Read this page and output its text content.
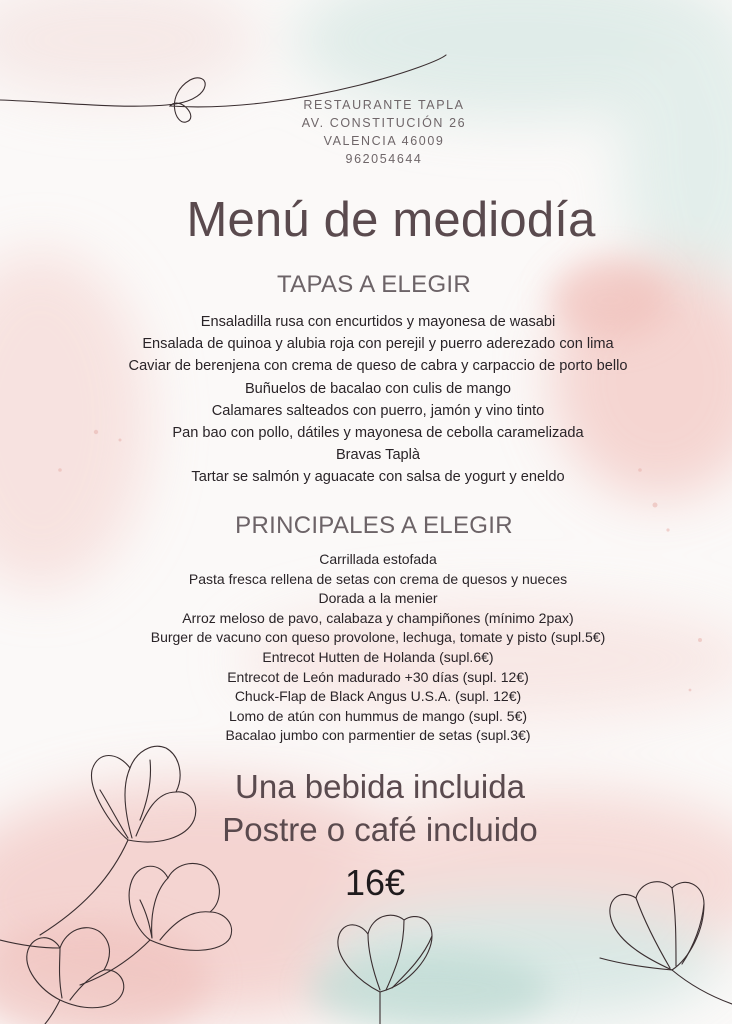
RESTAURANTE TAPLA
AV. CONSTITUCIÓN 26
VALENCIA 46009
962054644
Menú de mediodía
TAPAS A ELEGIR
Ensaladilla rusa con encurtidos y mayonesa de wasabi
Ensalada de quinoa y alubia roja con perejil y puerro aderezado con lima
Caviar de berenjena con crema de queso de cabra y carpaccio de porto bello
Buñuelos de bacalao con culis de mango
Calamares salteados con puerro, jamón y vino tinto
Pan bao con pollo, dátiles y mayonesa de cebolla caramelizada
Bravas Taplà
Tartar se salmón y aguacate con salsa de yogurt y eneldo
PRINCIPALES A ELEGIR
Carrillada estofada
Pasta fresca rellena de setas con crema de quesos y nueces
Dorada a la menier
Arroz meloso de pavo, calabaza y champiñones (mínimo 2pax)
Burger de vacuno con queso provolone, lechuga, tomate y pisto (supl.5€)
Entrecot Hutten de Holanda (supl.6€)
Entrecot de León madurado +30 días (supl. 12€)
Chuck-Flap de Black Angus U.S.A. (supl. 12€)
Lomo de atún con hummus de mango (supl. 5€)
Bacalao jumbo con parmentier de setas (supl.3€)
Una bebida incluida
Postre o café incluido
16€
